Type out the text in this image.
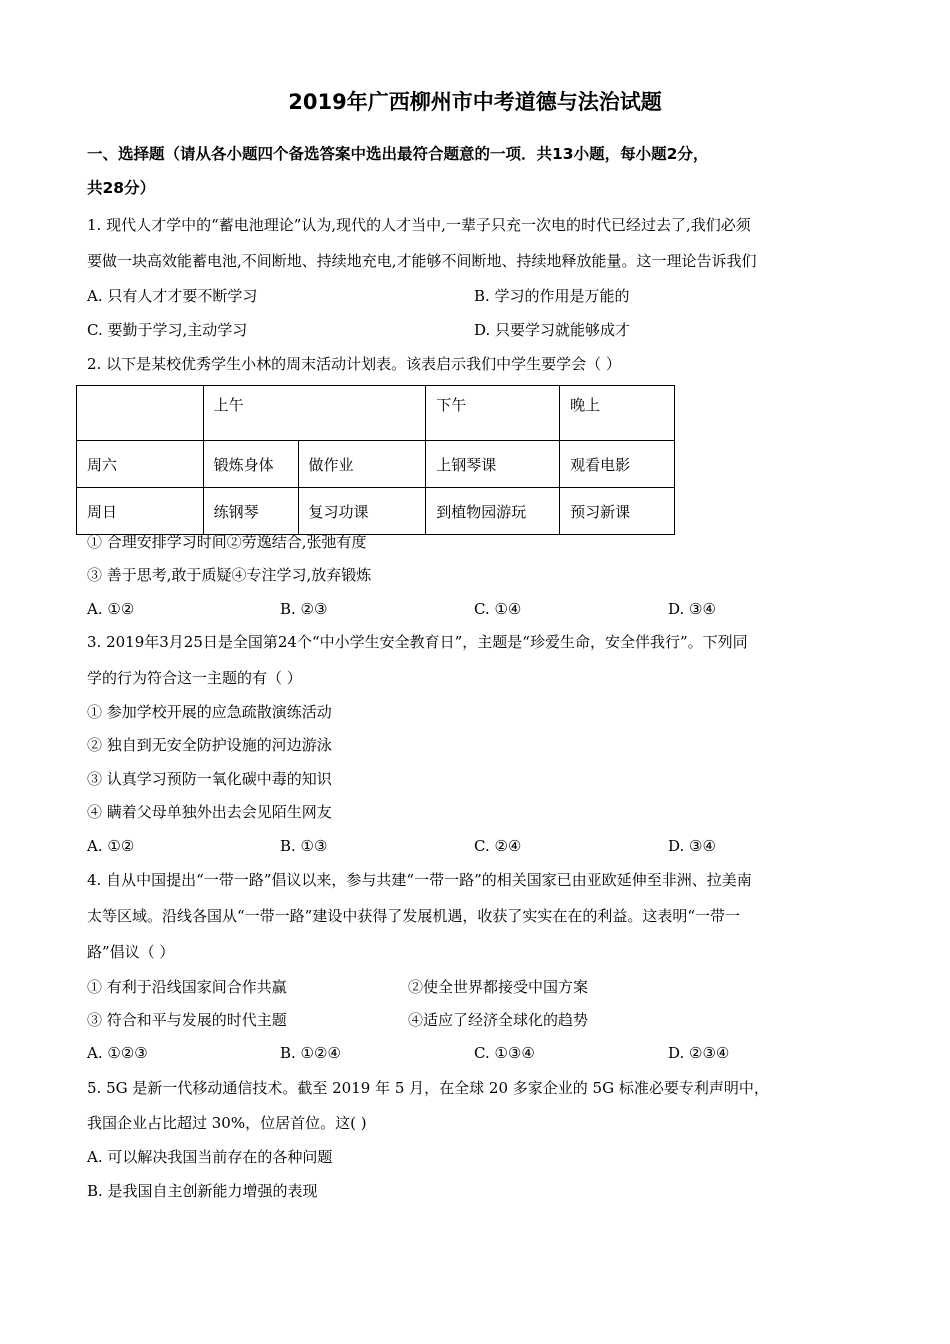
2019年广西柳州市中考道德与法治试题
一、选择题（请从各小题四个备选答案中选出最符合题意的一项．共13小题，每小题2分，
共28分）
1. 现代人才学中的“蓄电池理论”认为,现代的人才当中,一辈子只充一次电的时代已经过去了,我们必须
要做一块高效能蓄电池,不间断地、持续地充电,才能够不间断地、持续地释放能量。这一理论告诉我们
A. 只有人才才要不断学习	B. 学习的作用是万能的
C. 要勤于学习,主动学习	D. 只要学习就能够成才
2. 以下是某校优秀学生小林的周末活动计划表。该表启示我们中学生要学会（ ）
	上午		下午	晚上
周六	锻炼身体	做作业	上钢琴课	观看电影
周日	练钢琴	复习功课	到植物园游玩	预习新课
① 合理安排学习时间②劳逸结合,张弛有度
③ 善于思考,敢于质疑④专注学习,放弃锻炼
A. ①②	B. ②③	C. ①④	D. ③④
3. 2019年3月25日是全国第24个“中小学生安全教育日”，主题是“珍爱生命，安全伴我行”。下列同
学的行为符合这一主题的有（ ）
① 参加学校开展的应急疏散演练活动
② 独自到无安全防护设施的河边游泳
③ 认真学习预防一氧化碳中毒的知识
④ 瞒着父母单独外出去会见陌生网友
A. ①②	B. ①③	C. ②④	D. ③④
4. 自从中国提出“一带一路”倡议以来，参与共建“一带一路”的相关国家已由亚欧延伸至非洲、拉美南
太等区域。沿线各国从“一带一路”建设中获得了发展机遇，收获了实实在在的利益。这表明“一带一
路”倡议（ ）
① 有利于沿线国家间合作共赢	②使全世界都接受中国方案
③ 符合和平与发展的时代主题	④适应了经济全球化的趋势
A. ①②③	B. ①②④	C. ①③④	D. ②③④
5. 5G 是新一代移动通信技术。截至 2019 年 5 月，在全球 20 多家企业的 5G 标准必要专利声明中，
我国企业占比超过 30%，位居首位。这( )
A. 可以解决我国当前存在的各种问题
B. 是我国自主创新能力增强的表现
